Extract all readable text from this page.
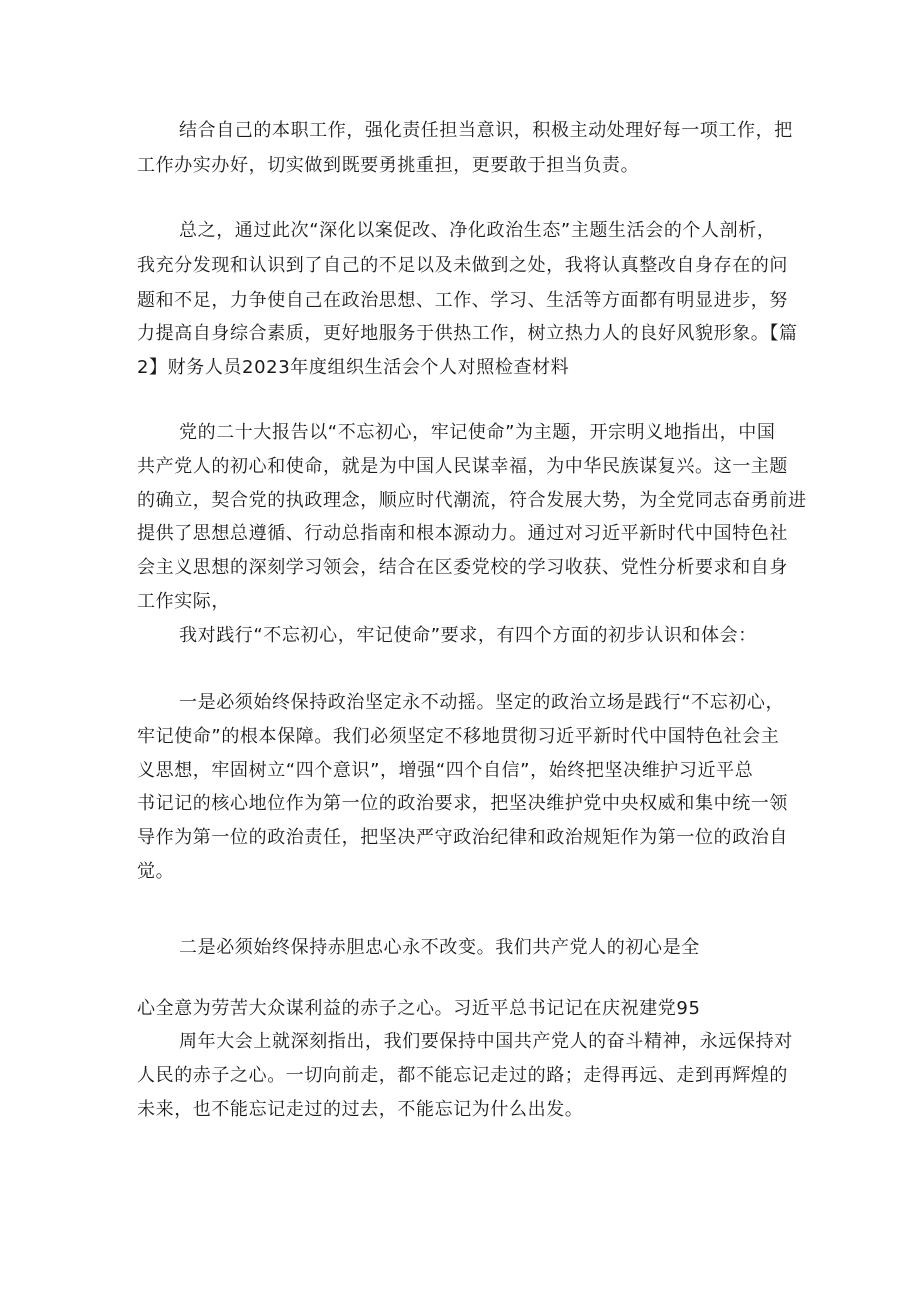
结合自己的本职工作，强化责任担当意识，积极主动处理好每一项工作，把
工作办实办好，切实做到既要勇挑重担，更要敢于担当负责。
总之，通过此次“深化以案促改、净化政治生态”主题生活会的个人剖析，
我充分发现和认识到了自己的不足以及未做到之处，我将认真整改自身存在的问
题和不足，力争使自己在政治思想、工作、学习、生活等方面都有明显进步，努
力提高自身综合素质，更好地服务于供热工作，树立热力人的良好风貌形象。【篇
2】财务人员2023年度组织生活会个人对照检查材料
党的二十大报告以“不忘初心，牢记使命”为主题，开宗明义地指出，中国
共产党人的初心和使命，就是为中国人民谋幸福，为中华民族谋复兴。这一主题
的确立，契合党的执政理念，顺应时代潮流，符合发展大势，为全党同志奋勇前进
提供了思想总遵循、行动总指南和根本源动力。通过对习近平新时代中国特色社
会主义思想的深刻学习领会，结合在区委党校的学习收获、党性分析要求和自身
工作实际，
我对践行“不忘初心，牢记使命”要求，有四个方面的初步认识和体会：
一是必须始终保持政治坚定永不动摇。坚定的政治立场是践行“不忘初心，
牢记使命”的根本保障。我们必须坚定不移地贯彻习近平新时代中国特色社会主
义思想，牢固树立“四个意识”，增强“四个自信”，始终把坚决维护习近平总
书记记的核心地位作为第一位的政治要求，把坚决维护党中央权威和集中统一领
导作为第一位的政治责任，把坚决严守政治纪律和政治规矩作为第一位的政治自
觉。
二是必须始终保持赤胆忠心永不改变。我们共产党人的初心是全
心全意为劳苦大众谋利益的赤子之心。习近平总书记记在庆祝建党95
周年大会上就深刻指出，我们要保持中国共产党人的奋斗精神，永远保持对
人民的赤子之心。一切向前走，都不能忘记走过的路；走得再远、走到再辉煌的
未来，也不能忘记走过的过去，不能忘记为什么出发。
